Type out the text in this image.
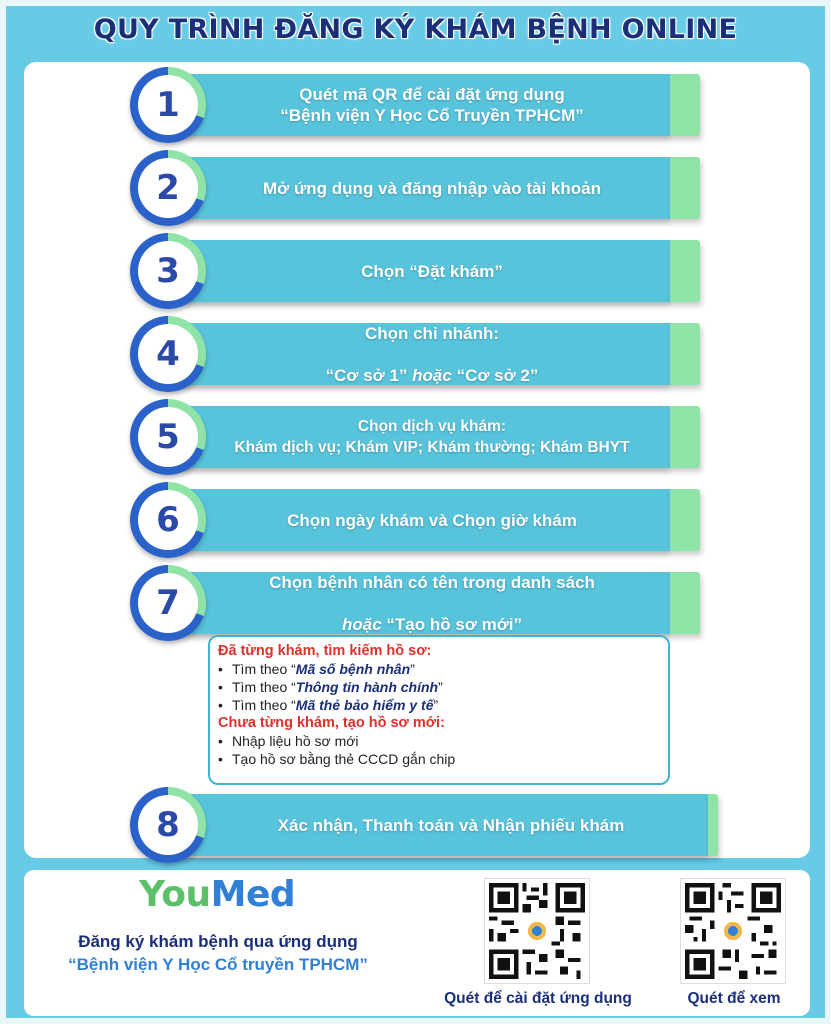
QUY TRÌNH ĐĂNG KÝ KHÁM BỆNH ONLINE
Quét mã QR để cài đặt ứng dụng
“Bệnh viện Y Học Cổ Truyền TPHCM”
1
Mở ứng dụng và đăng nhập vào tài khoản
2
Chọn “Đặt khám”
3

Chọn chi nhánh:

“Cơ sở 1” hoặc “Cơ sở 2”

4
Chọn dịch vụ khám:
Khám dịch vụ; Khám VIP; Khám thường; Khám BHYT
5
Chọn ngày khám và Chọn giờ khám
6

Chọn bệnh nhân có tên trong danh sách

hoặc “Tạo hồ sơ mới”

7
Đã từng khám, tìm kiếm hồ sơ:
• Tìm theo “Mã số bệnh nhân”
• Tìm theo “Thông tin hành chính”
• Tìm theo “Mã thẻ bảo hiểm y tế”
Chưa từng khám, tạo hồ sơ mới:
• Nhập liệu hồ sơ mới
• Tạo hồ sơ bằng thẻ CCCD gắn chip
Xác nhận, Thanh toán và Nhận phiếu khám
8
YouMed
Đăng ký khám bệnh qua ứng dụng
“Bệnh viện Y Học Cổ truyền TPHCM”
Quét để cài đặt ứng dụng	Quét để xem
